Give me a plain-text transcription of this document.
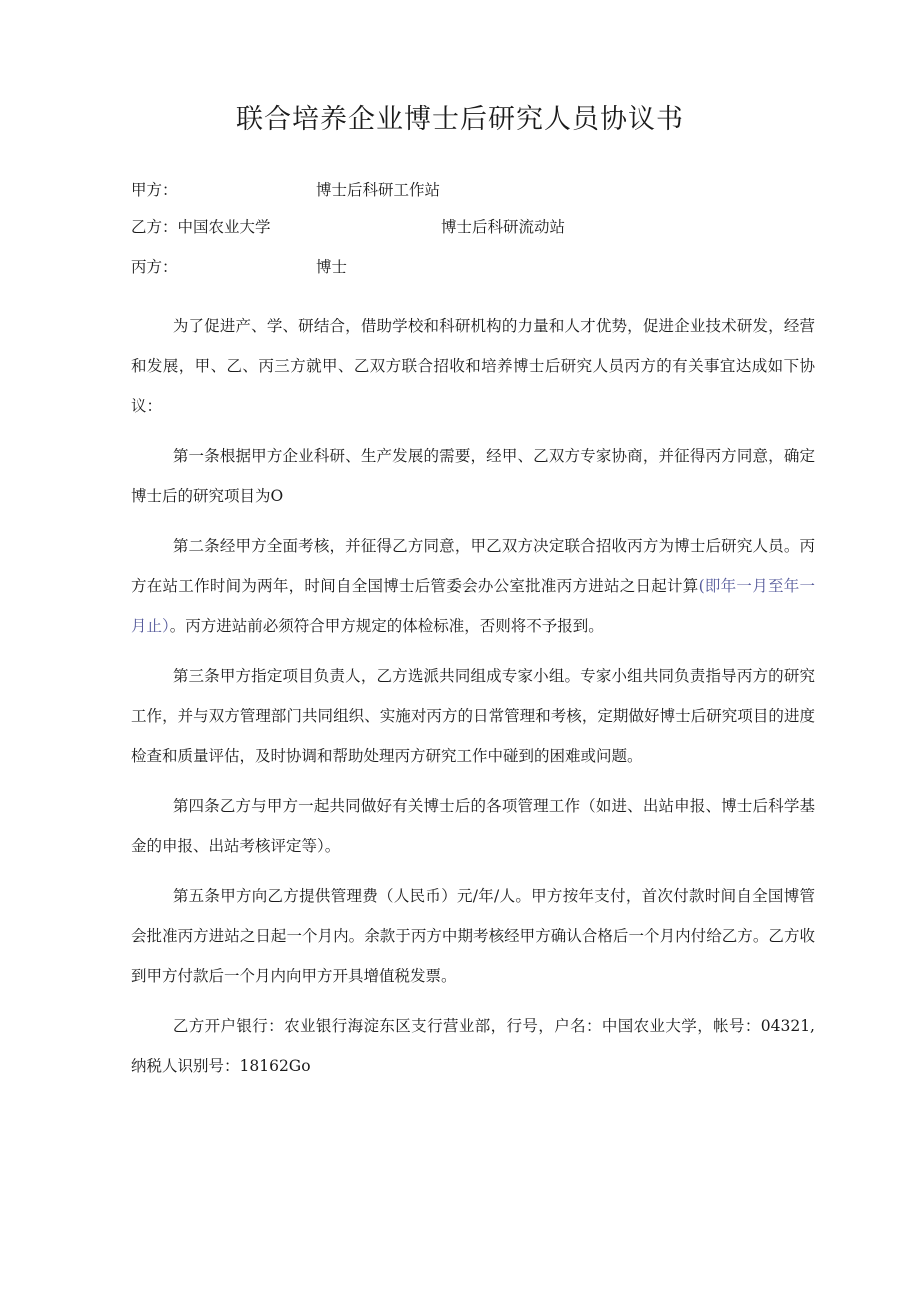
联合培养企业博士后研究人员协议书
甲方：	博士后科研工作站
乙方：中国农业大学	博士后科研流动站
丙方：	博士

为了促进产、学、研结合，借助学校和科研机构的力量和人才优势，促进企业技术研发，经营和发展，甲、乙、丙三方就甲、乙双方联合招收和培养博士后研究人员丙方的有关事宜达成如下协议：

第一条根据甲方企业科研、生产发展的需要，经甲、乙双方专家协商，并征得丙方同意，确定博士后的研究项目为O

第二条经甲方全面考核，并征得乙方同意，甲乙双方决定联合招收丙方为博士后研究人员。丙方在站工作时间为两年，时间自全国博士后管委会办公室批准丙方进站之日起计算(即年一月至年一月止）。丙方进站前必须符合甲方规定的体检标准，否则将不予报到。

第三条甲方指定项目负责人，乙方选派共同组成专家小组。专家小组共同负责指导丙方的研究工作，并与双方管理部门共同组织、实施对丙方的日常管理和考核，定期做好博士后研究项目的进度检查和质量评估，及时协调和帮助处理丙方研究工作中碰到的困难或问题。

第四条乙方与甲方一起共同做好有关博士后的各项管理工作（如进、出站申报、博士后科学基金的申报、出站考核评定等）。

第五条甲方向乙方提供管理费（人民币）元/年/人。甲方按年支付，首次付款时间自全国博管会批准丙方进站之日起一个月内。余款于丙方中期考核经甲方确认合格后一个月内付给乙方。乙方收到甲方付款后一个月内向甲方开具增值税发票。

乙方开户银行：农业银行海淀东区支行营业部，行号，户名：中国农业大学，帐号：04321,纳税人识别号：18162Go
